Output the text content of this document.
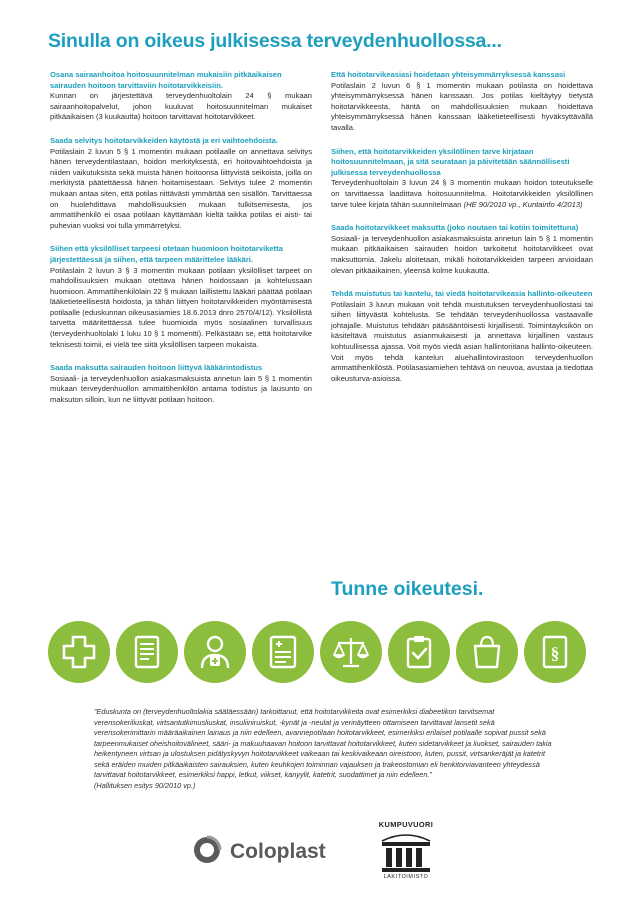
Sinulla on oikeus julkisessa terveydenhuollossa...
Osana sairaanhoitoa hoitosuunnitelman mukaisiin pitkäaikaisen sairauden hoitoon tarvittaviin hoitotarvikkeisiin.

Kunnan on järjestettävä terveydenhuoltolain 24 § mukaan sairaanhoitopalvelut, johon kuuluvat hoitosuunnitelman mukaiset pitkäaikaisen (3 kuukautta) hoitoon tarvittavat hoitotarvikkeet.

Saada selvitys hoitotarvikkeiden käytöstä ja eri vaihtoehdoista.

Potilaslain 2 luvun 5 § 1 momentin mukaan potilaalle on annettava selvitys hänen terveydentilastaan, hoidon merkityksestä, eri hoitovaihtoehdoista ja niiden vaikutuksista sekä muista hänen hoitoonsa liittyvistä seikoista, joilla on merkitystä päätettäessä hänen hoitamisestaan. Selvitys tulee 2 momentin mukaan antaa siten, että potilas riittävästi ymmärtää sen sisällön. Tarvittaessa on huolehdittava mahdollisuuksien mukaan tulkitsemisesta, jos ammattihenkilö ei osaa potilaan käyttämään kieltä taikka potilas ei aisti- tai puhevian vuoksi voi tulla ymmärretyksi.

Siihen että yksilölliset tarpeesi otetaan huomioon hoitotarviketta järjestettäessä ja siihen, että tarpeen määrittelee lääkäri.

Potilaslain 2 luvun 3 § 3 momentin mukaan potilaan yksilölliset tarpeet on mahdollisuuksien mukaan otettava hänen hoidossaan ja kohtelussaan huomioon. Ammattihenkilölain 22 § mukaan laillistettu lääkäri päättää potilaan lääketieteellisestä hoidosta, ja tähän liittyen hoitotarvikkeiden myöntämisestä potilaalle (eduskunnan oikeusasiamies 18.6.2013 dnro 2570/4/12). Yksilöllistä tarvetta määritettäessä tulee huomioida myös sosiaalinen turvallisuus (terveydenhuoltolaki 1 luku 10 § 1 momentti). Pelkästään se, että hoitotarvike teknisesti toimii, ei vielä tee siitä yksilöllisen tarpeen mukaista.

Saada maksutta sairauden hoitoon liittyvä lääkärintodistus

Sosiaali- ja terveydenhuollon asiakasmaksuista annetun lain 5 § 1 momentin mukaan terveydenhuollon ammattihenkilön antama todistus ja lausunto on maksuton silloin, kun ne liittyvät potilaan hoitoon.

Että hoitotarvikeasiasi hoidetaan yhteisymmärryksessä kanssasi

Potilaslain 2 luvun 6 § 1 momentin mukaan potilasta on hoidettava yhteisymmärryksessä hänen kanssaan. Jos potilas kieltäytyy tietystä hoitotarvikkeesta, häntä on mahdollisuuksien mukaan hoidettava yhteisymmärryksessä hänen kanssaan lääketieteellisesti hyväksyttävällä tavalla.

Siihen, että hoitotarvikkeiden yksilöllinen tarve kirjataan hoitosuunnitelmaan, ja sitä seurataan ja päivitetään säännöllisesti julkisessa terveydenhuollossa

Terveydenhuoltolain 3 luvun 24 § 3 momentin mukaan hoidon toteutukselle on tarvittaessa laadittava hoitosuunnitelma. Hoitotarvikkeiden yksilöllinen tarve tulee kirjata tähän suunnitelmaan (HE 90/2010 vp., Kuntainfo 4/2013)

Saada hoitotarvikkeet maksutta (joko noutaen tai kotiin toimitettuna)

Sosiaali- ja terveydenhuollon asiakasmaksuista annetun lain 5 § 1 momentin mukaan pitkäaikaisen sairauden hoidon tarkoitetut hoitotarvikkeet ovat maksuttomia. Jakelu aloitetaan, mikäli hoitotarvikkeiden tarpeen arvioidaan olevan pitkäaikainen, yleensä kolme kuukautta.

Tehdä muistutus tai kantelu, tai viedä hoitotarvikeasia hallinto-oikeuteen

Potilaslain 3 luvun mukaan voit tehdä muistutuksen terveydenhuollostasi tai siihen liittyvästä kohtelusta. Se tehdään terveydenhuollossa vastaavalle johtajalle. Muistutus tehdään pääsääntöisesti kirjallisesti. Toimintayksikön on käsiteltävä muistutus asianmukaisesti ja annettava kirjallinen vastaus kohtuullisessa ajassa. Voit myös viedä asian hallintoriitana hallinto-oikeuteen. Voit myös tehdä kantelun aluehallintovirastoon terveydenhuollon ammattihenkilöstä. Potilasasiamiehen tehtävä on neuvoa, avustaa ja tiedottaa oikeusturva-asioissa.

Tunne oikeutesi.
§

”Eduskunta on (terveydenhuoltolakia säätäessään) tarkoittanut, että hoitotarvikkeita ovat esimerkiksi diabeetikon tarvitsemat verensokeriliuskat, virtsantutkimusliuskat, insuliiniruiskut, -kynät ja -neulat ja verinäytteen ottamiseen tarvittavat lansetit sekä verensokerimittarin määräaikainen lainaus ja niin edelleen, avannepotilaan hoitotarvikkeet, esimerkiksi erilaiset potilaalle sopivat pussit sekä tarpeenmukaiset oheishoitovälineet, sääri- ja makuuhaavan hoitoon tarvittavat hoitotarvikkeet, kuten sidetarvikkeet ja liuokset, sairauden takia heikentyneen virtsan ja ulostuksen pidätyskyvyn hoitotarvikkeet vaikeaan tai keskivaikeaan oireistoon, kuten, pussit, virtsankeräjät ja katetrit sekä eräiden muiden pitkäaikaisten sairauksien, kuten keuhkojen toiminnan vajauksen ja trakeostomian eli henkitorviavanteen yhteydessä tarvittavat hoitotarvikkeet, esimerkiksi happi, letkut, viikset, kanyylit, katetrit, suodattimet ja niin edelleen.”

(Hallituksen esitys 90/2010 vp.)

Coloplast
KUMPUVUORI
LAKITOIMISTO
